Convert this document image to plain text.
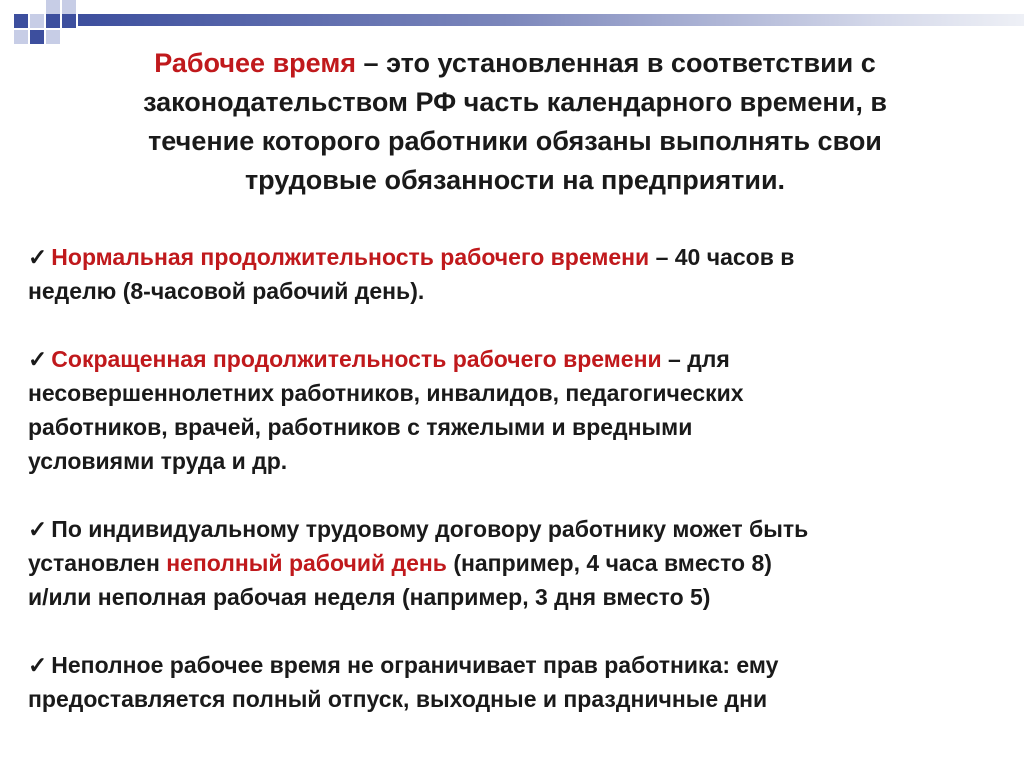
Рабочее время – это установленная в соответствии с
законодательством РФ часть календарного времени, в
течение которого работники обязаны выполнять свои
трудовые обязанности на предприятии.

✓ Нормальная продолжительность рабочего времени – 40 часов в
неделю (8-часовой рабочий день).

✓ Сокращенная продолжительность рабочего времени – для
несовершеннолетних работников, инвалидов, педагогических
работников, врачей, работников с тяжелыми и вредными
условиями труда и др.

✓ По индивидуальному трудовому договору работнику может быть
установлен неполный рабочий день (например, 4 часа вместо 8)
и/или неполная рабочая неделя (например, 3 дня вместо 5)

✓ Неполное рабочее время не ограничивает прав работника: ему
предоставляется полный отпуск, выходные и праздничные дни
